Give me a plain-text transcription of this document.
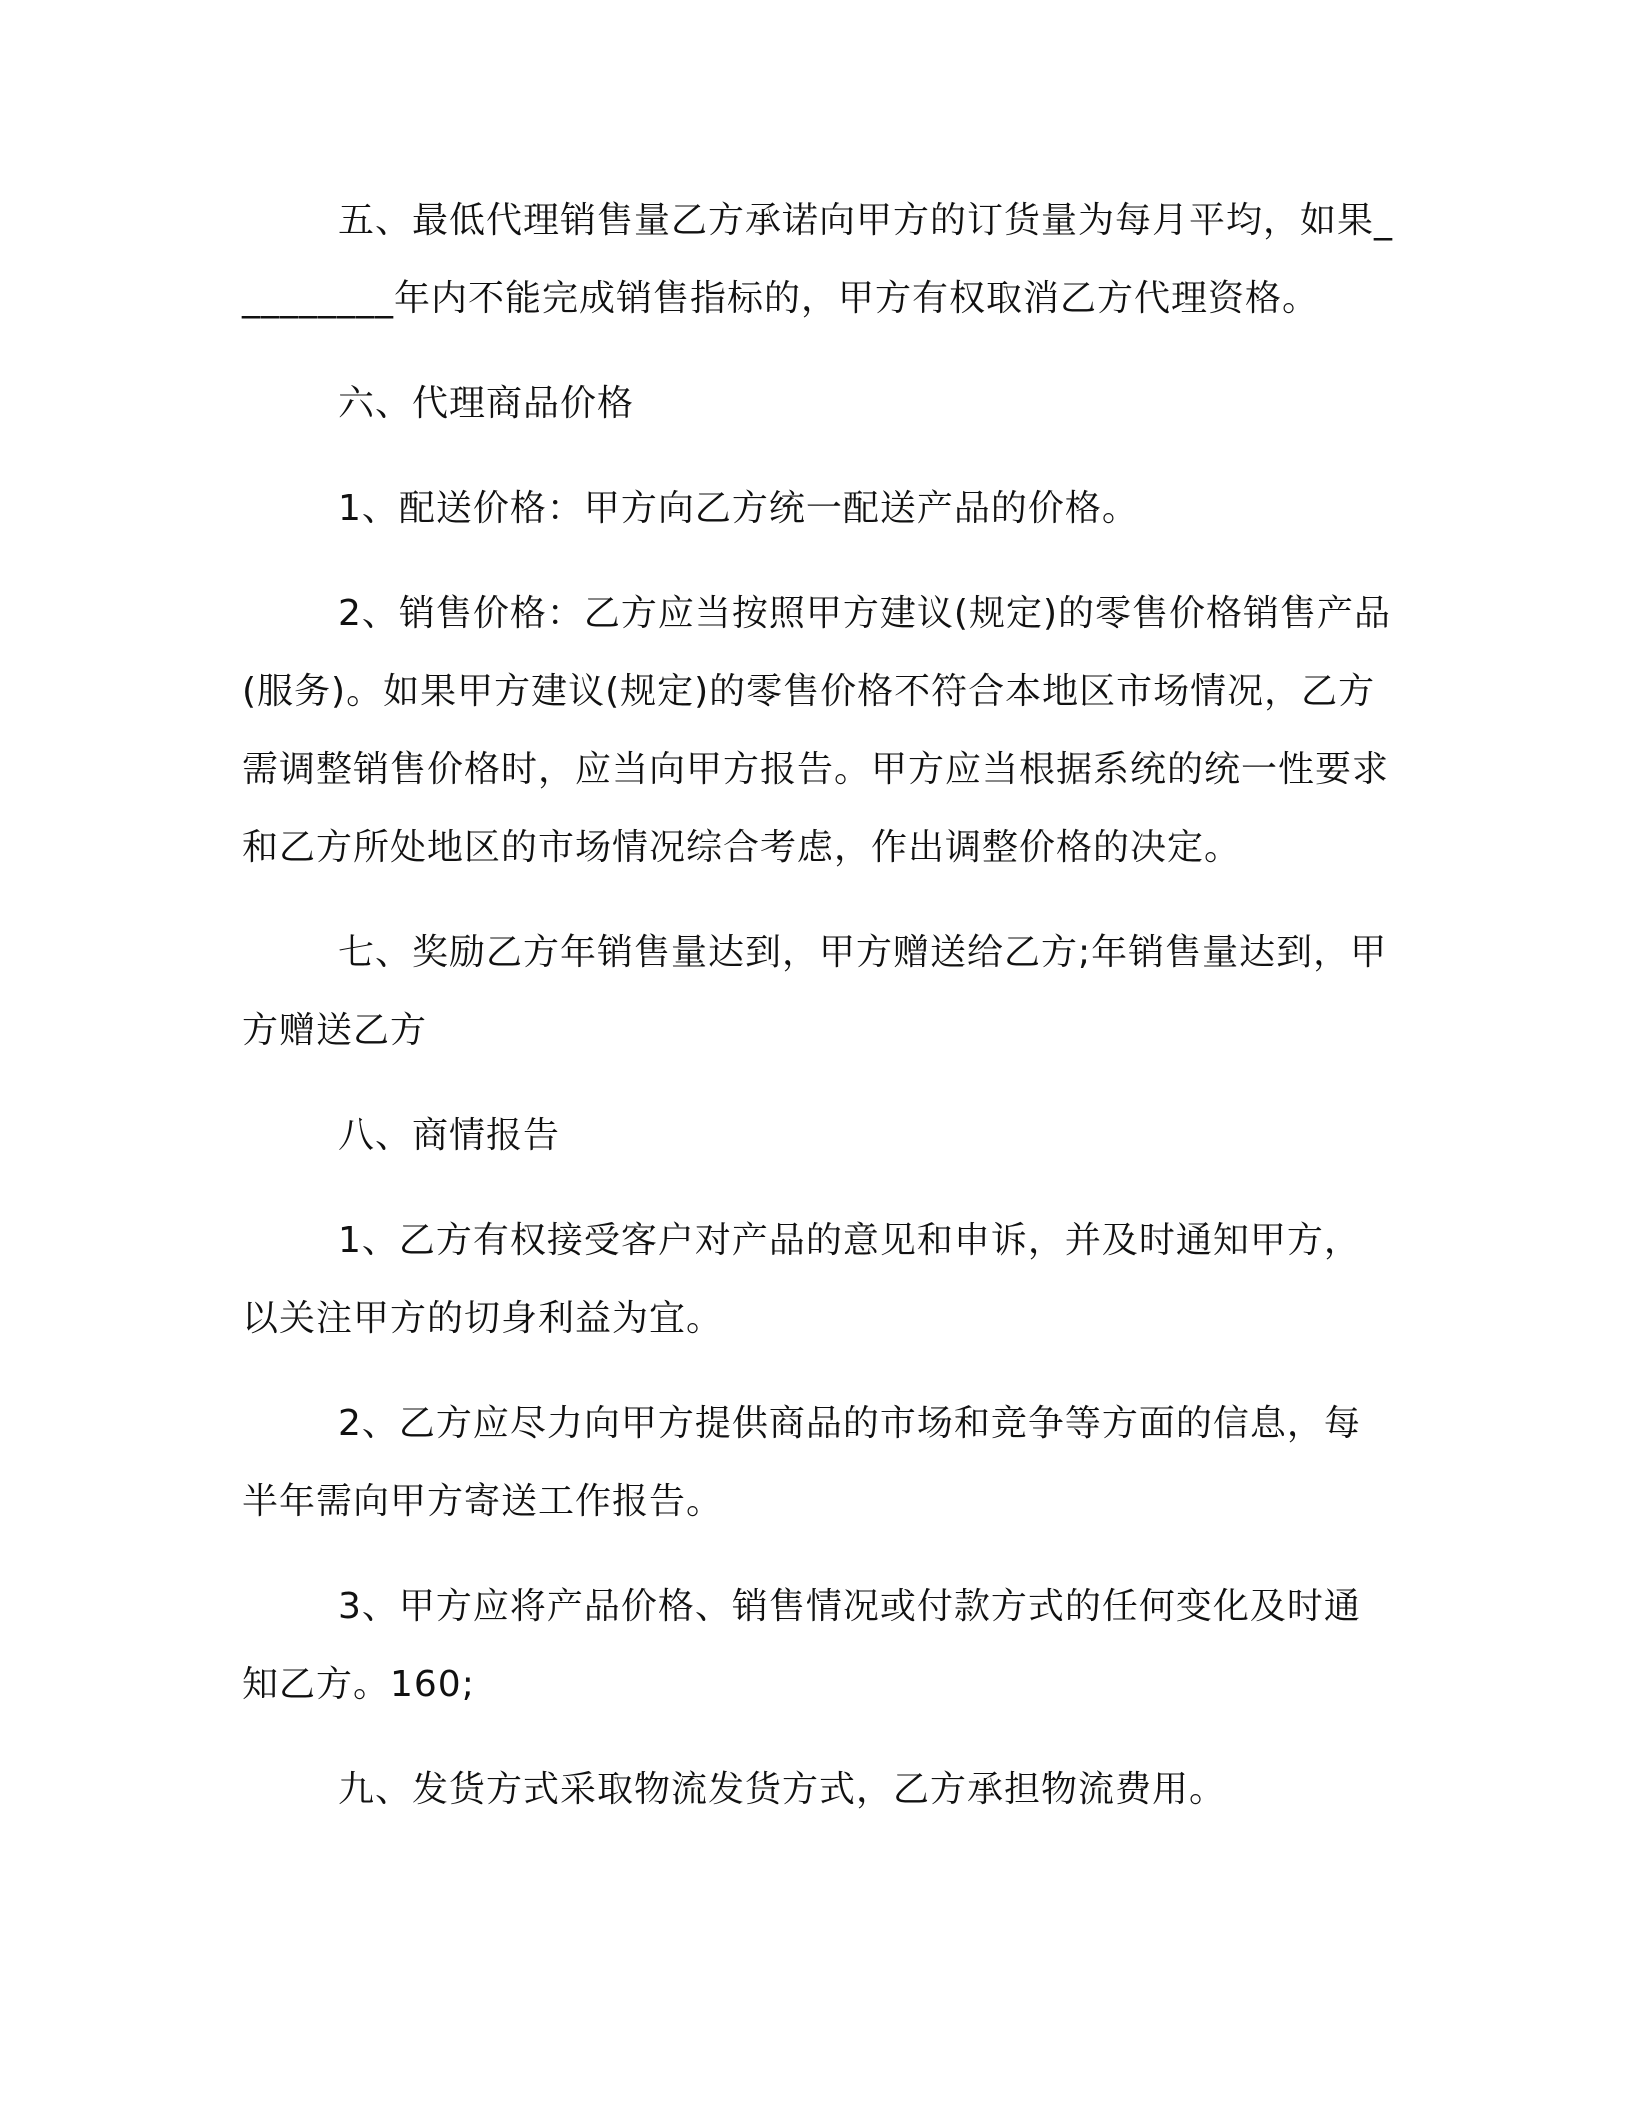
五、最低代理销售量乙方承诺向甲方的订货量为每月平均，如果_________年内不能完成销售指标的，甲方有权取消乙方代理资格。

六、代理商品价格

1、配送价格：甲方向乙方统一配送产品的价格。

2、销售价格：乙方应当按照甲方建议(规定)的零售价格销售产品(服务)。如果甲方建议(规定)的零售价格不符合本地区市场情况，乙方需调整销售价格时，应当向甲方报告。甲方应当根据系统的统一性要求和乙方所处地区的市场情况综合考虑，作出调整价格的决定。

七、奖励乙方年销售量达到，甲方赠送给乙方;年销售量达到，甲方赠送乙方

八、商情报告

1、乙方有权接受客户对产品的意见和申诉，并及时通知甲方，以关注甲方的切身利益为宜。

2、乙方应尽力向甲方提供商品的市场和竞争等方面的信息，每半年需向甲方寄送工作报告。

3、甲方应将产品价格、销售情况或付款方式的任何变化及时通知乙方。160;

九、发货方式采取物流发货方式，乙方承担物流费用。
